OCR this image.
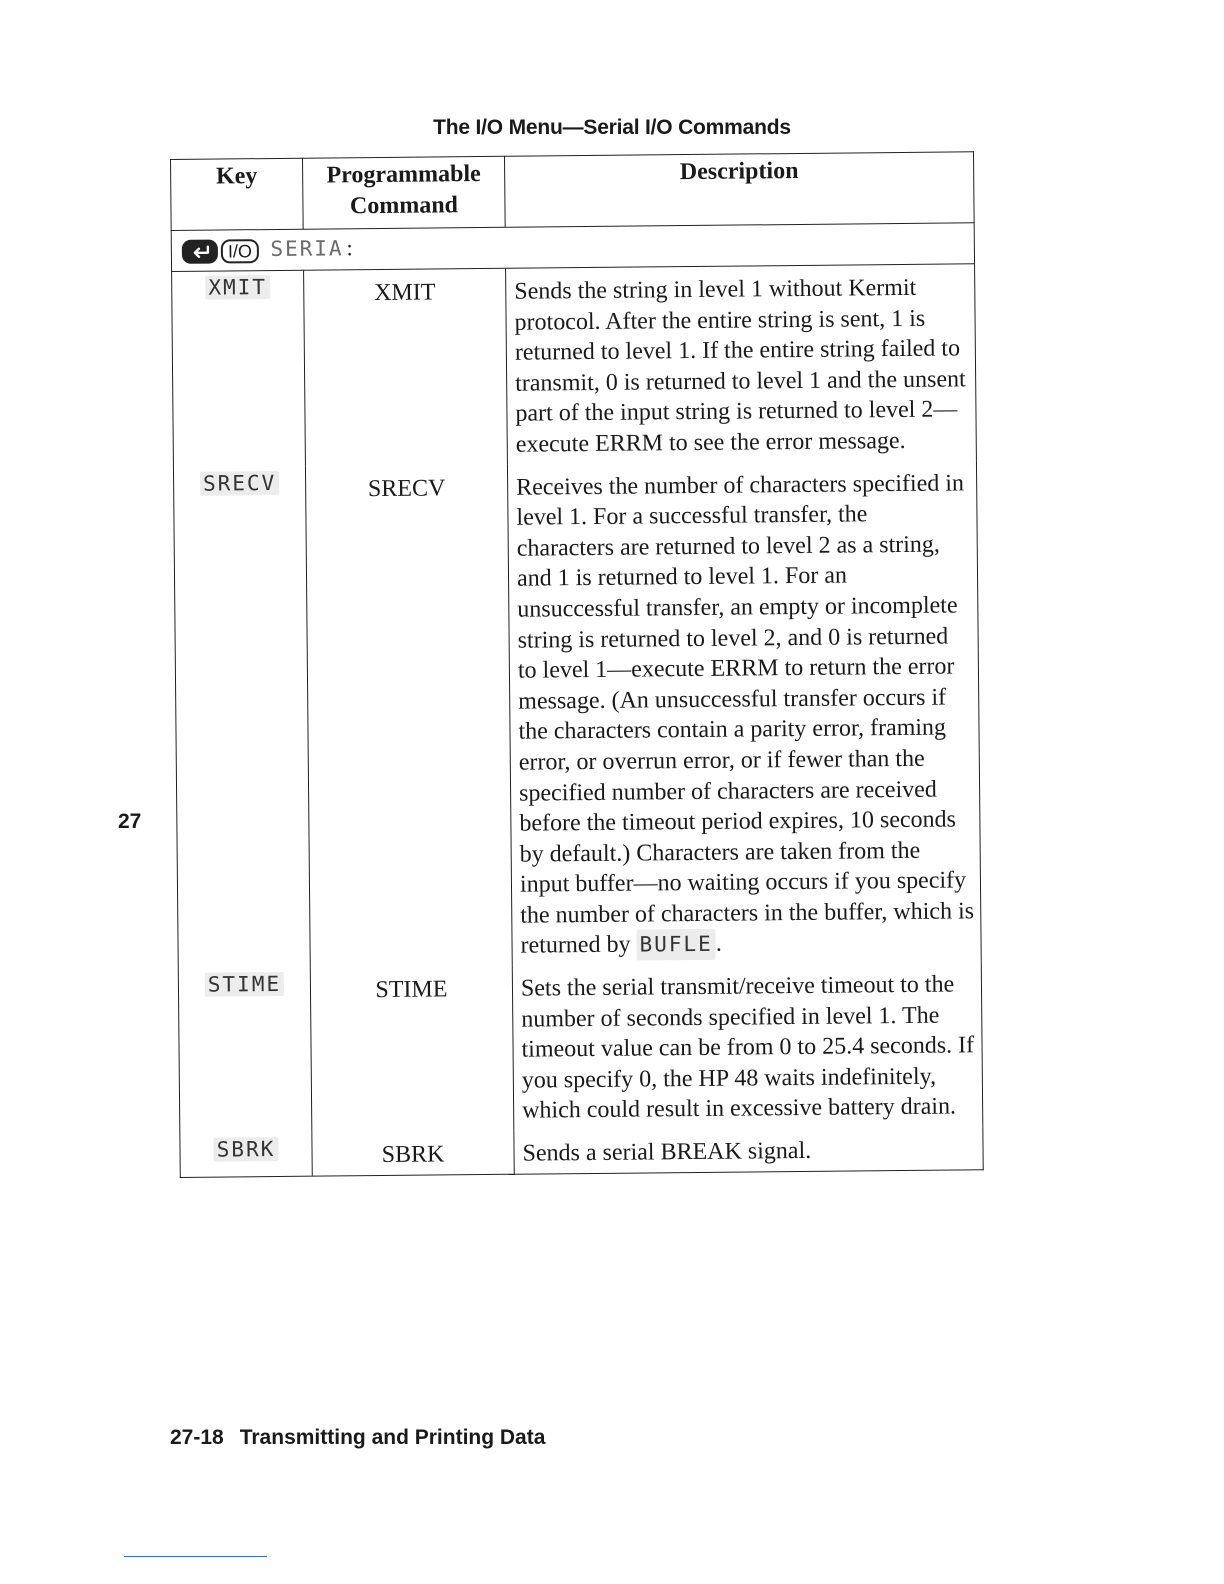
The I/O Menu—Serial I/O Commands
Key	Programmable Command	Description

I/O SERIA :		
XMIT	XMIT	Sends the string in level 1 without Kermit protocol. After the entire string is sent, 1 is returned to level 1. If the entire string failed to transmit, 0 is returned to level 1 and the unsent part of the input string is returned to level 2—execute ERRM to see the error message.
SRECV	SRECV	Receives the number of characters specified in level 1. For a successful transfer, the characters are returned to level 2 as a string, and 1 is returned to level 1. For an unsuccessful transfer, an empty or incomplete string is returned to level 2, and 0 is returned to level 1—execute ERRM to return the error message. (An unsuccessful transfer occurs if the characters contain a parity error, framing error, or overrun error, or if fewer than the specified number of characters are received before the timeout period expires, 10 seconds by default.) Characters are taken from the input buffer—no waiting occurs if you specify the number of characters in the buffer, which is returned by BUFLE .
STIME	STIME	Sets the serial transmit/receive timeout to the number of seconds specified in level 1. The timeout value can be from 0 to 25.4 seconds. If you specify 0, the HP 48 waits indefinitely, which could result in excessive battery drain.
SBRK	SBRK	Sends a serial BREAK signal.
27
27-18 Transmitting and Printing Data
